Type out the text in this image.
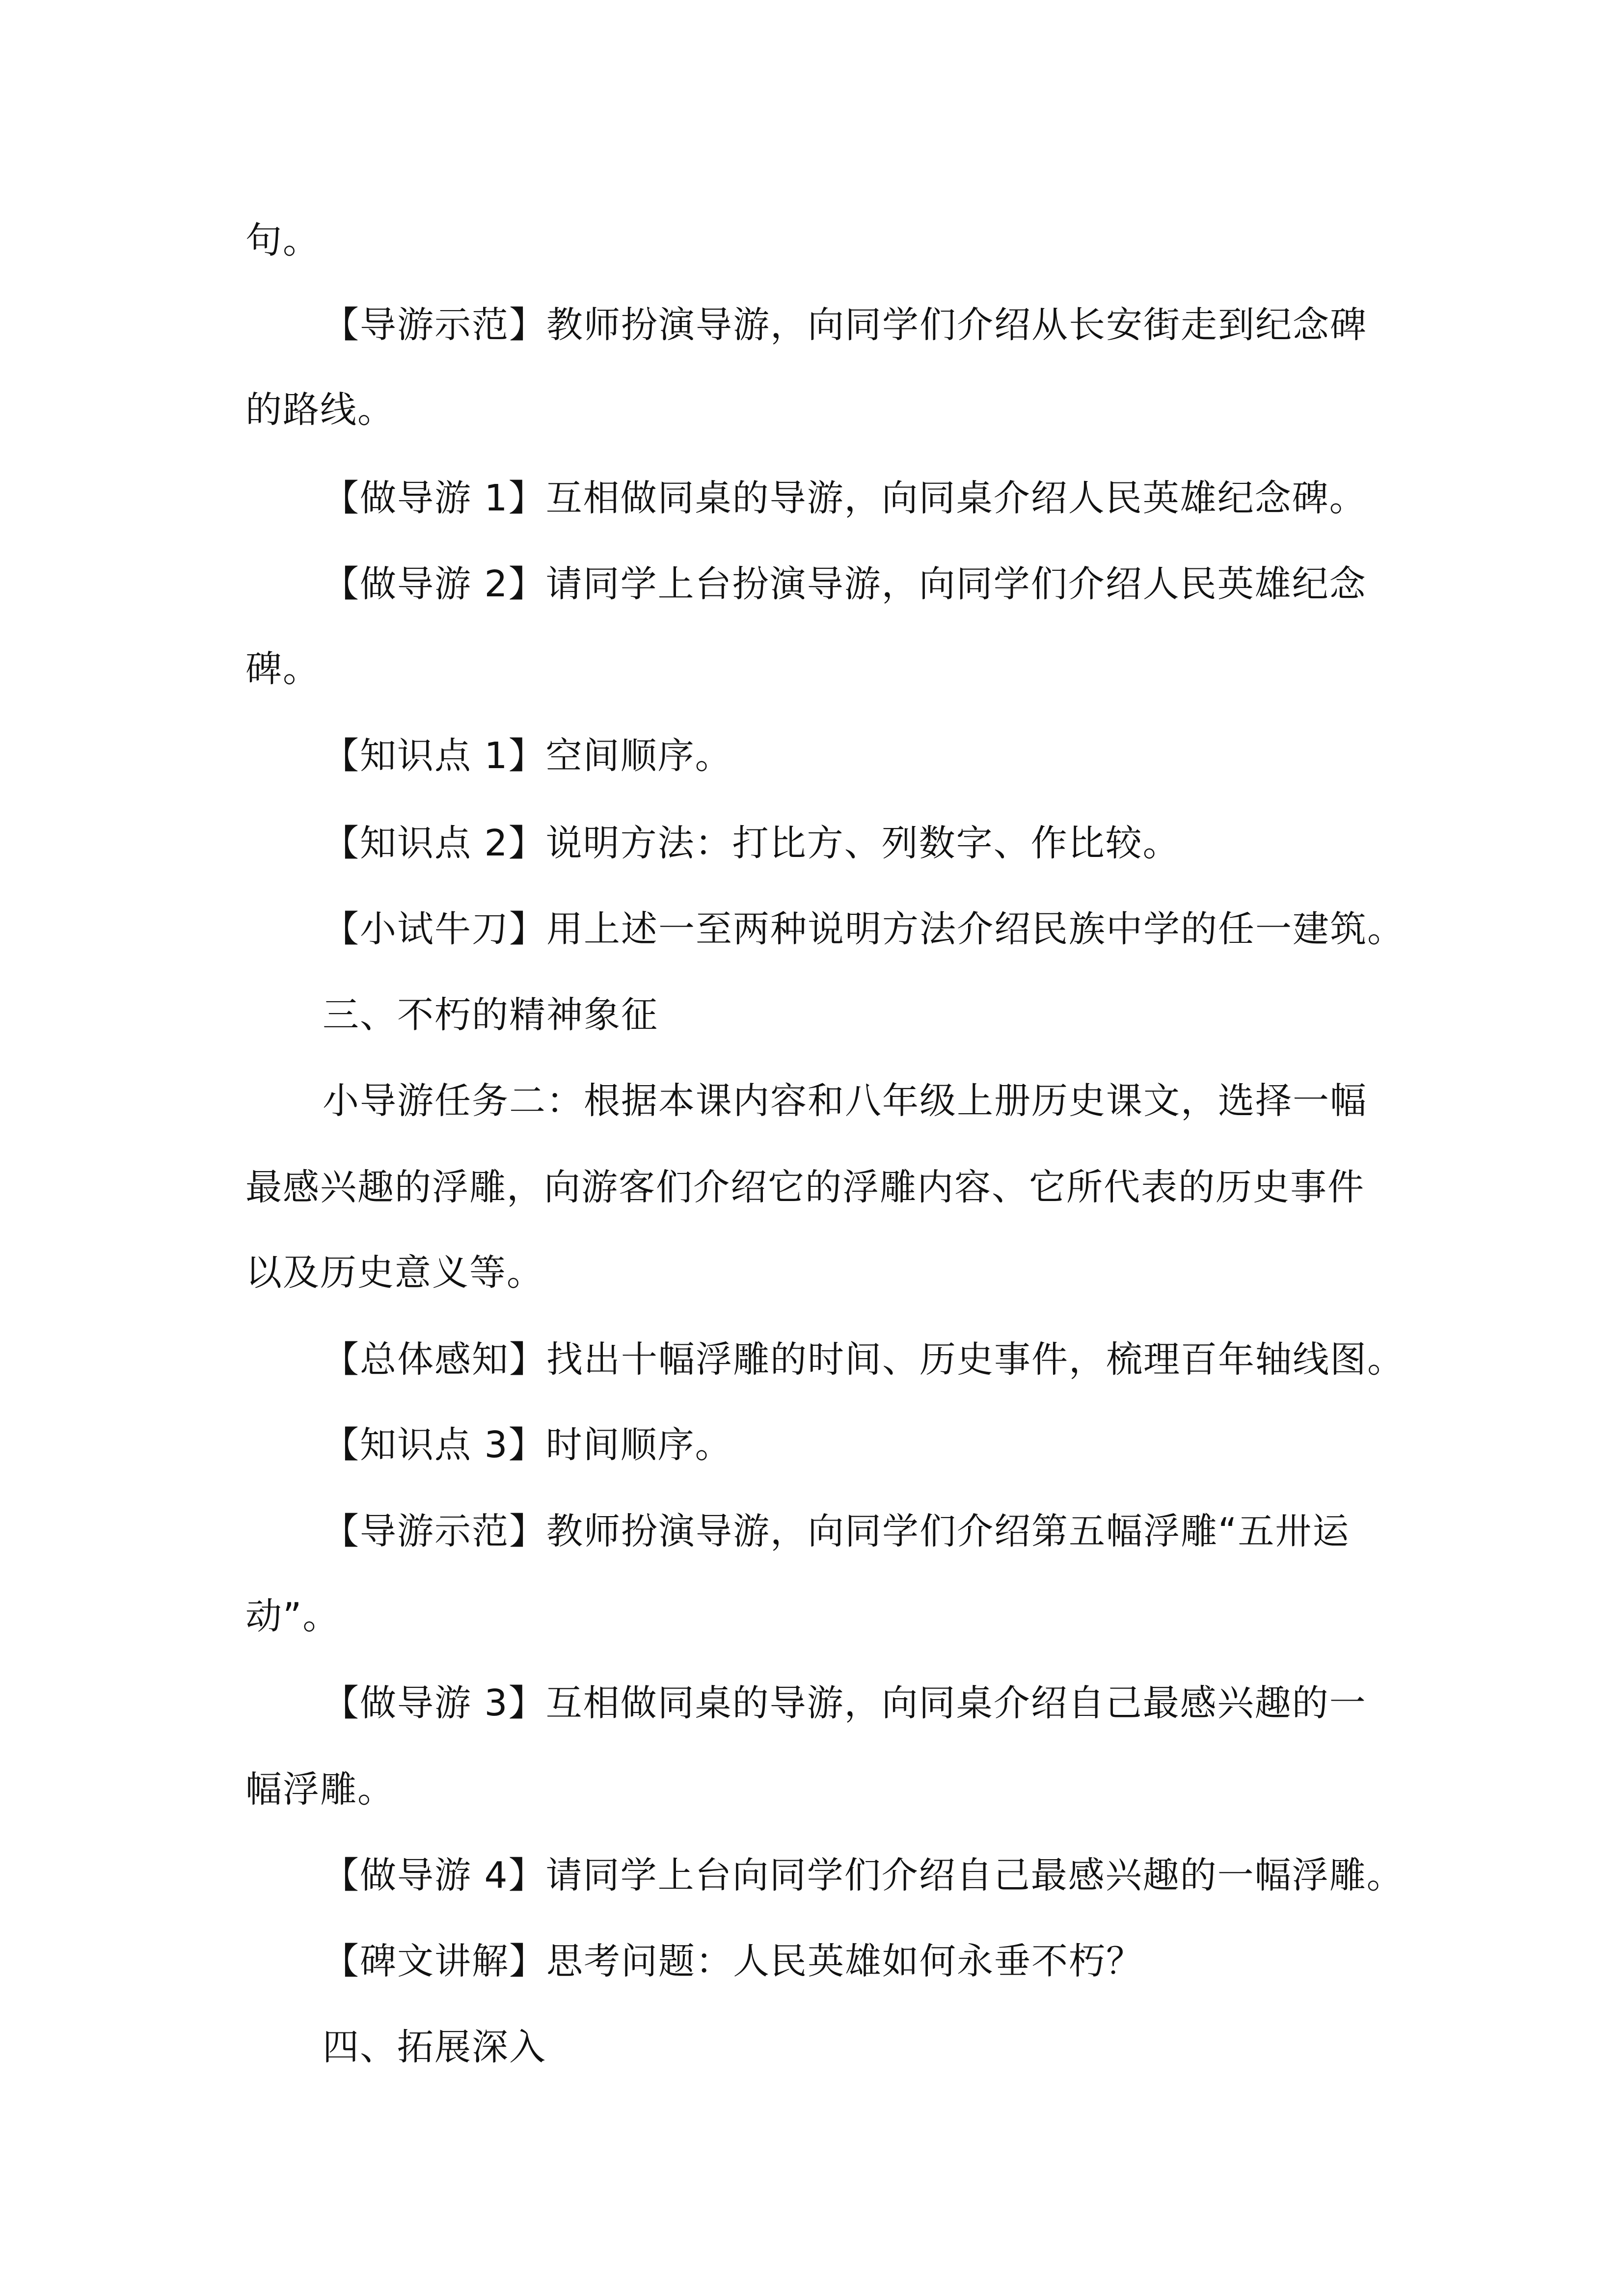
句。

【导游示范】教师扮演导游，向同学们介绍从长安街走到纪念碑

的路线。

【做导游 1】互相做同桌的导游，向同桌介绍人民英雄纪念碑。

【做导游 2】请同学上台扮演导游，向同学们介绍人民英雄纪念

碑。

【知识点 1】空间顺序。

【知识点 2】说明方法：打比方、列数字、作比较。

【小试牛刀】用上述一至两种说明方法介绍民族中学的任一建筑。

三、不朽的精神象征

小导游任务二：根据本课内容和八年级上册历史课文，选择一幅

最感兴趣的浮雕，向游客们介绍它的浮雕内容、它所代表的历史事件

以及历史意义等。

【总体感知】找出十幅浮雕的时间、历史事件，梳理百年轴线图。

【知识点 3】时间顺序。

【导游示范】教师扮演导游，向同学们介绍第五幅浮雕“五卅运

动”。

【做导游 3】互相做同桌的导游，向同桌介绍自己最感兴趣的一

幅浮雕。

【做导游 4】请同学上台向同学们介绍自己最感兴趣的一幅浮雕。

【碑文讲解】思考问题：人民英雄如何永垂不朽？

四、拓展深入
